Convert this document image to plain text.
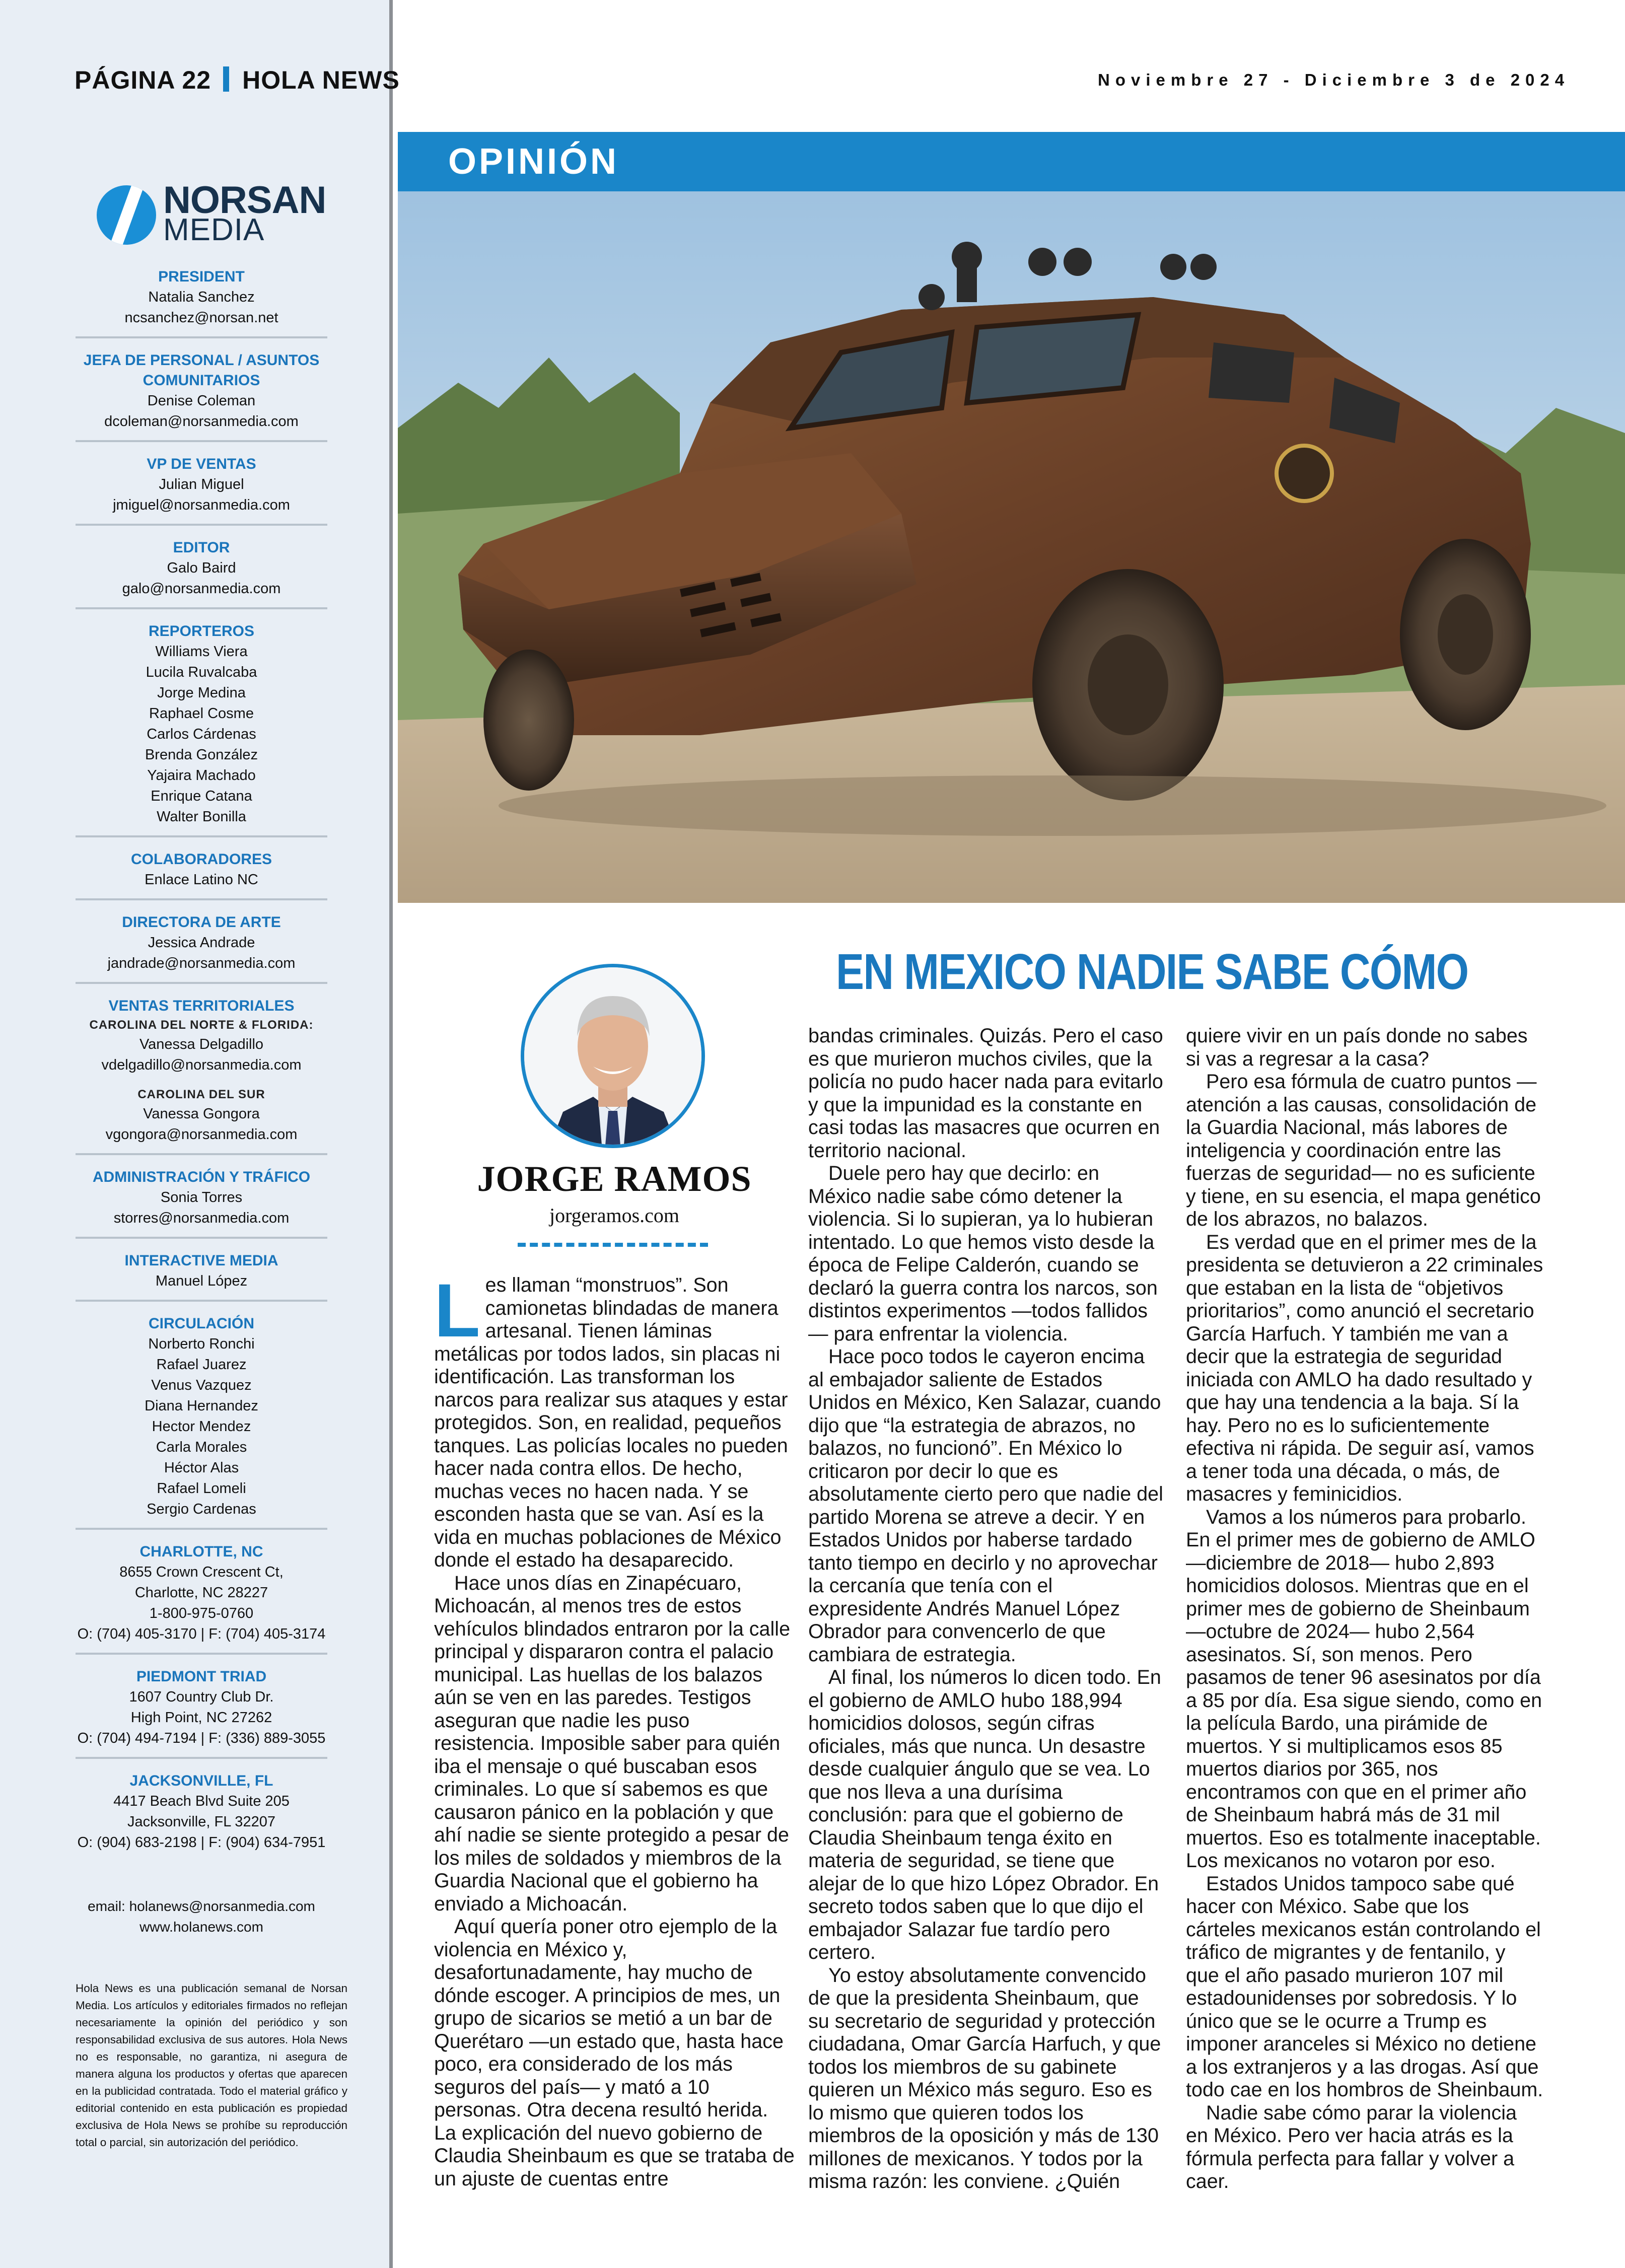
PÁGINA 22 HOLA NEWS
NORSAN
MEDIA
PRESIDENT
Natalia Sanchez
ncsanchez@norsan.net
JEFA DE PERSONAL / ASUNTOS COMUNITARIOS
Denise Coleman
dcoleman@norsanmedia.com
VP DE VENTAS
Julian Miguel
jmiguel@norsanmedia.com
EDITOR
Galo Baird
galo@norsanmedia.com
REPORTEROS
Williams Viera
Lucila Ruvalcaba
Jorge Medina
Raphael Cosme
Carlos Cárdenas
Brenda González
Yajaira Machado
Enrique Catana
Walter Bonilla
COLABORADORES
Enlace Latino NC
DIRECTORA DE ARTE
Jessica Andrade
jandrade@norsanmedia.com
VENTAS TERRITORIALES
CAROLINA DEL NORTE & FLORIDA:
Vanessa Delgadillo
vdelgadillo@norsanmedia.com
CAROLINA DEL SUR
Vanessa Gongora
vgongora@norsanmedia.com
ADMINISTRACIÓN Y TRÁFICO
Sonia Torres
storres@norsanmedia.com
INTERACTIVE MEDIA
Manuel López
CIRCULACIÓN
Norberto Ronchi
Rafael Juarez
Venus Vazquez
Diana Hernandez
Hector Mendez
Carla Morales
Héctor Alas
Rafael Lomeli
Sergio Cardenas
CHARLOTTE, NC
8655 Crown Crescent Ct,
Charlotte, NC 28227
1-800-975-0760
O: (704) 405-3170 | F: (704) 405-3174
PIEDMONT TRIAD
1607 Country Club Dr.
High Point, NC 27262
O: (704) 494-7194 | F: (336) 889-3055
JACKSONVILLE, FL
4417 Beach Blvd Suite 205
Jacksonville, FL 32207
O: (904) 683-2198 | F: (904) 634-7951
email: holanews@norsanmedia.com
www.holanews.com
Hola News es una publicación semanal de Norsan Media. Los artículos y editoriales firmados no reflejan necesariamente la opinión del periódico y son responsabilidad exclusiva de sus autores. Hola News no es responsable, no garantiza, ni asegura de manera alguna los productos y ofertas que aparecen en la publicidad contratada. Todo el material gráfico y editorial contenido en esta publicación es propiedad exclusiva de Hola News se prohíbe su reproducción total o parcial, sin autorización del periódico.
Noviembre 27 - Diciembre 3 de 2024
OPINIÓN
EN MEXICO NADIE SABE CÓMO
JORGE RAMOS
jorgeramos.com

Les llaman “monstruos”. Son camionetas blindadas de manera artesanal. Tienen láminas metálicas por todos lados, sin placas ni identificación. Las transforman los narcos para realizar sus ataques y estar protegidos. Son, en realidad, pequeños tanques. Las policías locales no pueden hacer nada contra ellos. De hecho, muchas veces no hacen nada. Y se esconden hasta que se van. Así es la vida en muchas poblaciones de México donde el estado ha desaparecido.

Hace unos días en Zinapécuaro, Michoacán, al menos tres de estos vehículos blindados entraron por la calle principal y dispararon contra el palacio municipal. Las huellas de los balazos aún se ven en las paredes. Testigos aseguran que nadie les puso resistencia. Imposible saber para quién iba el mensaje o qué buscaban esos criminales. Lo que sí sabemos es que causaron pánico en la población y que ahí nadie se siente protegido a pesar de los miles de soldados y miembros de la Guardia Nacional que el gobierno ha enviado a Michoacán.

Aquí quería poner otro ejemplo de la violencia en México y, desafortunadamente, hay mucho de dónde escoger. A principios de mes, un grupo de sicarios se metió a un bar de Querétaro —un estado que, hasta hace poco, era considerado de los más seguros del país— y mató a 10 personas. Otra decena resultó herida. La explicación del nuevo gobierno de Claudia Sheinbaum es que se trataba de un ajuste de cuentas entre

bandas criminales. Quizás. Pero el caso es que murieron muchos civiles, que la policía no pudo hacer nada para evitarlo y que la impunidad es la constante en casi todas las masacres que ocurren en territorio nacional.

Duele pero hay que decirlo: en México nadie sabe cómo detener la violencia. Si lo supieran, ya lo hubieran intentado. Lo que hemos visto desde la época de Felipe Calderón, cuando se declaró la guerra contra los narcos, son distintos experimentos —todos fallidos— para enfrentar la violencia.

Hace poco todos le cayeron encima al embajador saliente de Estados Unidos en México, Ken Salazar, cuando dijo que “la estrategia de abrazos, no balazos, no funcionó”. En México lo criticaron por decir lo que es absolutamente cierto pero que nadie del partido Morena se atreve a decir. Y en Estados Unidos por haberse tardado tanto tiempo en decirlo y no aprovechar la cercanía que tenía con el expresidente Andrés Manuel López Obrador para convencerlo de que cambiara de estrategia.

Al final, los números lo dicen todo. En el gobierno de AMLO hubo 188,994 homicidios dolosos, según cifras oficiales, más que nunca. Un desastre desde cualquier ángulo que se vea. Lo que nos lleva a una durísima conclusión: para que el gobierno de Claudia Sheinbaum tenga éxito en materia de seguridad, se tiene que alejar de lo que hizo López Obrador. En secreto todos saben que lo que dijo el embajador Salazar fue tardío pero certero.

Yo estoy absolutamente convencido de que la presidenta Sheinbaum, que su secretario de seguridad y protección ciudadana, Omar García Harfuch, y que todos los miembros de su gabinete quieren un México más seguro. Eso es lo mismo que quieren todos los miembros de la oposición y más de 130 millones de mexicanos. Y todos por la misma razón: les conviene. ¿Quién

quiere vivir en un país donde no sabes si vas a regresar a la casa?

Pero esa fórmula de cuatro puntos —atención a las causas, consolidación de la Guardia Nacional, más labores de inteligencia y coordinación entre las fuerzas de seguridad— no es suficiente y tiene, en su esencia, el mapa genético de los abrazos, no balazos.

Es verdad que en el primer mes de la presidenta se detuvieron a 22 criminales que estaban en la lista de “objetivos prioritarios”, como anunció el secretario García Harfuch. Y también me van a decir que la estrategia de seguridad iniciada con AMLO ha dado resultado y que hay una tendencia a la baja. Sí la hay. Pero no es lo suficientemente efectiva ni rápida. De seguir así, vamos a tener toda una década, o más, de masacres y feminicidios.

Vamos a los números para probarlo. En el primer mes de gobierno de AMLO —diciembre de 2018— hubo 2,893 homicidios dolosos. Mientras que en el primer mes de gobierno de Sheinbaum —octubre de 2024— hubo 2,564 asesinatos. Sí, son menos. Pero pasamos de tener 96 asesinatos por día a 85 por día. Esa sigue siendo, como en la película Bardo, una pirámide de muertos. Y si multiplicamos esos 85 muertos diarios por 365, nos encontramos con que en el primer año de Sheinbaum habrá más de 31 mil muertos. Eso es totalmente inaceptable. Los mexicanos no votaron por eso.

Estados Unidos tampoco sabe qué hacer con México. Sabe que los cárteles mexicanos están controlando el tráfico de migrantes y de fentanilo, y que el año pasado murieron 107 mil estadounidenses por sobredosis. Y lo único que se le ocurre a Trump es imponer aranceles si México no detiene a los extranjeros y a las drogas. Así que todo cae en los hombros de Sheinbaum.

Nadie sabe cómo parar la violencia en México. Pero ver hacia atrás es la fórmula perfecta para fallar y volver a caer.
